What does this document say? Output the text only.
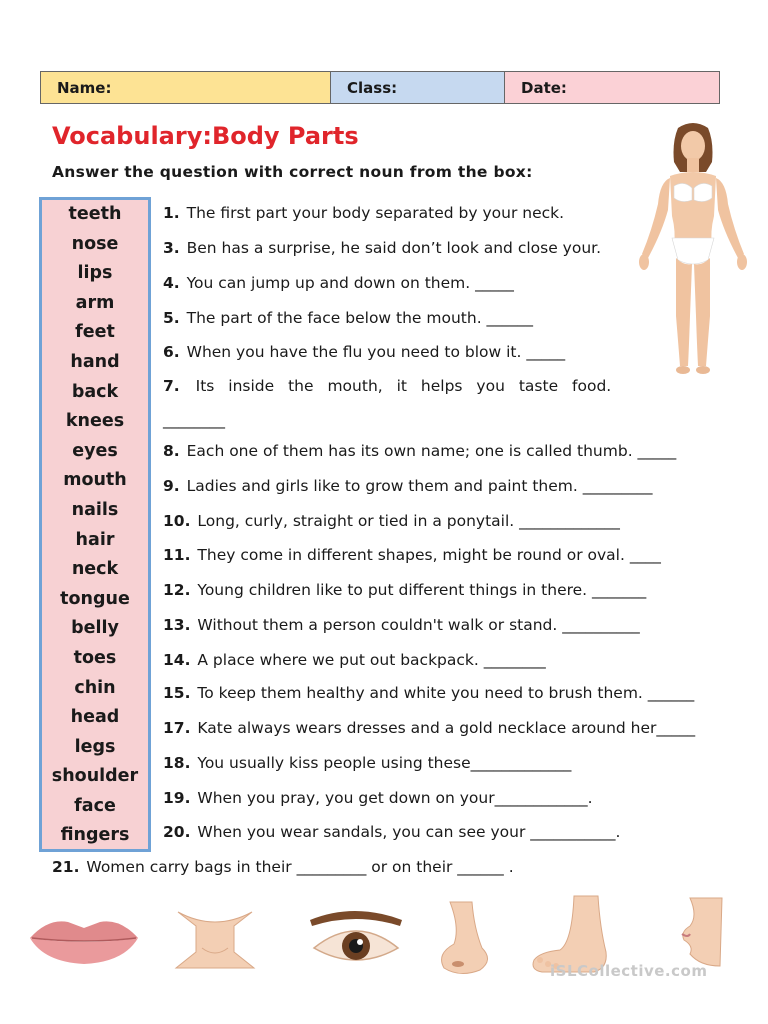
Name:	Class:	Date:
Vocabulary:Body Parts

Answer the question with correct noun from the box:

teeth
nose
lips
arm
feet
hand
back
knees
eyes
mouth
nails
hair
neck
tongue
belly
toes
chin
head
legs
shoulder
face
fingers
1. The first part your body separated by your neck.
3. Ben has a surprise, he said don’t look and close your.
4. You can jump up and down on them. _____
5. The part of the face below the mouth. ______
6. When you have the flu you need to blow it. _____
7. Its inside the mouth, it helps you taste food.
________
8. Each one of them has its own name; one is called thumb. _____
9. Ladies and girls like to grow them and paint them. _________
10. Long, curly, straight or tied in a ponytail. _____________
11. They come in different shapes, might be round or oval. ____
12. Young children like to put different things in there. _______
13. Without them a person couldn't walk or stand. __________
14. A place where we put out backpack. ________
15. To keep them healthy and white you need to brush them. ______
17. Kate always wears dresses and a gold necklace around her_____
18. You usually kiss people using these_____________
19. When you pray, you get down on your____________.
20. When you wear sandals, you can see your ___________.
21. Women carry bags in their _________ or on their ______ .
iSLCollective.com
